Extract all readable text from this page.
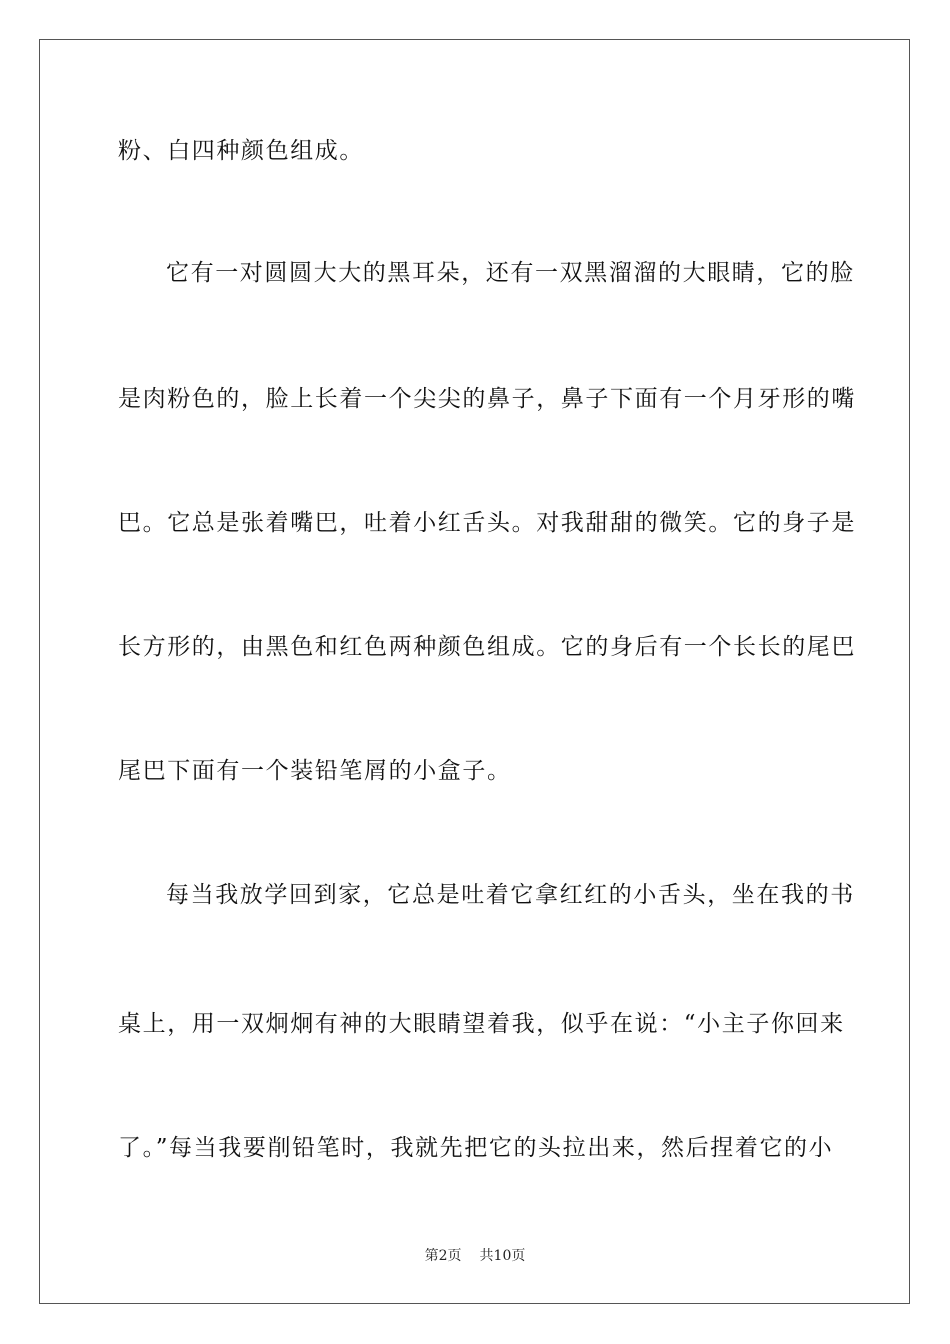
粉、白四种颜色组成。
它有一对圆圆大大的黑耳朵，还有一双黑溜溜的大眼睛，它的脸
是肉粉色的，脸上长着一个尖尖的鼻子，鼻子下面有一个月牙形的嘴
巴。它总是张着嘴巴，吐着小红舌头。对我甜甜的微笑。它的身子是
长方形的，由黑色和红色两种颜色组成。它的身后有一个长长的尾巴
尾巴下面有一个装铅笔屑的小盒子。
每当我放学回到家，它总是吐着它拿红红的小舌头，坐在我的书
桌上，用一双炯炯有神的大眼睛望着我，似乎在说：“小主子你回来
了。”每当我要削铅笔时，我就先把它的头拉出来，然后捏着它的小
第2页 共10页
